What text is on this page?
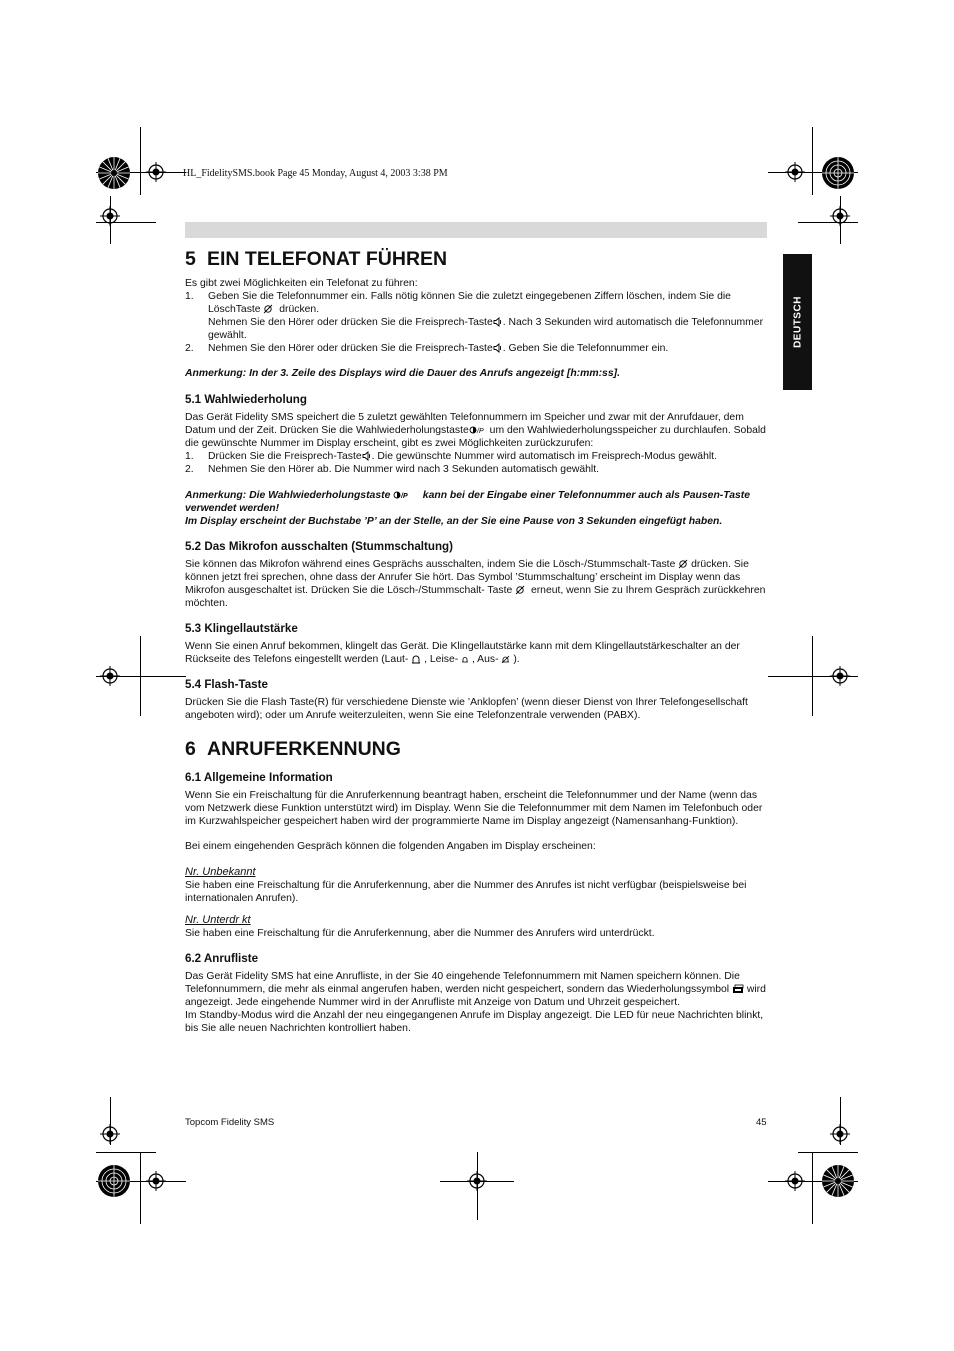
HL_FidelitySMS.book Page 45 Monday, August 4, 2003 3:38 PM
DEUTSCH
5 EIN TELEFONAT FÜHREN

Es gibt zwei Möglichkeiten ein Telefonat zu führen:

1.	Geben Sie die Telefonnummer ein. Falls nötig können Sie die zuletzt eingegebenen Ziffern löschen, indem Sie die LöschTaste drücken.
Nehmen Sie den Hörer oder drücken Sie die Freisprech-Taste . Nach 3 Sekunden wird automatisch die Telefonnummer gewählt.
2.	Nehmen Sie den Hörer oder drücken Sie die Freisprech-Taste . Geben Sie die Telefonnummer ein.

Anmerkung: In der 3. Zeile des Displays wird die Dauer des Anrufs angezeigt [h:mm:ss].

5.1 Wahlwiederholung

Das Gerät Fidelity SMS speichert die 5 zuletzt gewählten Telefonnummern im Speicher und zwar mit der Anrufdauer, dem Datum und der Zeit. Drücken Sie die Wahlwiederholungstaste /P um den Wahlwiederholungsspeicher zu durchlaufen. Sobald die gewünschte Nummer im Display erscheint, gibt es zwei Möglichkeiten zurückzurufen:

1.	Drücken Sie die Freisprech-Taste . Die gewünschte Nummer wird automatisch im Freisprech-Modus gewählt.
2.	Nehmen Sie den Hörer ab. Die Nummer wird nach 3 Sekunden automatisch gewählt.

Anmerkung: Die Wahlwiederholungstaste /P kann bei der Eingabe einer Telefonnummer auch als Pausen-Taste verwendet werden!

Im Display erscheint der Buchstabe ’P’ an der Stelle, an der Sie eine Pause von 3 Sekunden eingefügt haben.

5.2 Das Mikrofon ausschalten (Stummschaltung)

Sie können das Mikrofon während eines Gesprächs ausschalten, indem Sie die Lösch-/Stummschalt-Taste drücken. Sie können jetzt frei sprechen, ohne dass der Anrufer Sie hört. Das Symbol ’Stummschaltung’ erscheint im Display wenn das Mikrofon ausgeschaltet ist. Drücken Sie die Lösch-/Stummschalt- Taste erneut, wenn Sie zu Ihrem Gespräch zurückkehren möchten.

5.3 Klingellautstärke

Wenn Sie einen Anruf bekommen, klingelt das Gerät. Die Klingellautstärke kann mit dem Klingellautstärkeschalter an der Rückseite des Telefons eingestellt werden (Laut- , Leise- , Aus- ).

5.4 Flash-Taste

Drücken Sie die Flash Taste(R) für verschiedene Dienste wie ’Anklopfen’ (wenn dieser Dienst von Ihrer Telefongesellschaft angeboten wird); oder um Anrufe weiterzuleiten, wenn Sie eine Telefonzentrale verwenden (PABX).

6 ANRUFERKENNUNG
6.1 Allgemeine Information

Wenn Sie ein Freischaltung für die Anruferkennung beantragt haben, erscheint die Telefonnummer und der Name (wenn das vom Netzwerk diese Funktion unterstützt wird) im Display. Wenn Sie die Telefonnummer mit dem Namen im Telefonbuch oder im Kurzwahlspeicher gespeichert haben wird der programmierte Name im Display angezeigt (Namensanhang-Funktion).

Bei einem eingehenden Gespräch können die folgenden Angaben im Display erscheinen:

Nr. Unbekannt

Sie haben eine Freischaltung für die Anruferkennung, aber die Nummer des Anrufes ist nicht verfügbar (beispielsweise bei internationalen Anrufen).

Nr. Unterdr kt

Sie haben eine Freischaltung für die Anruferkennung, aber die Nummer des Anrufers wird unterdrückt.

6.2 Anrufliste

Das Gerät Fidelity SMS hat eine Anrufliste, in der Sie 40 eingehende Telefonnummern mit Namen speichern können. Die Telefonnummern, die mehr als einmal angerufen haben, werden nicht gespeichert, sondern das Wiederholungssymbol wird angezeigt. Jede eingehende Nummer wird in der Anrufliste mit Anzeige von Datum und Uhrzeit gespeichert.

Im Standby-Modus wird die Anzahl der neu eingegangenen Anrufe im Display angezeigt. Die LED für neue Nachrichten blinkt, bis Sie alle neuen Nachrichten kontrolliert haben.

Topcom Fidelity SMS	45
